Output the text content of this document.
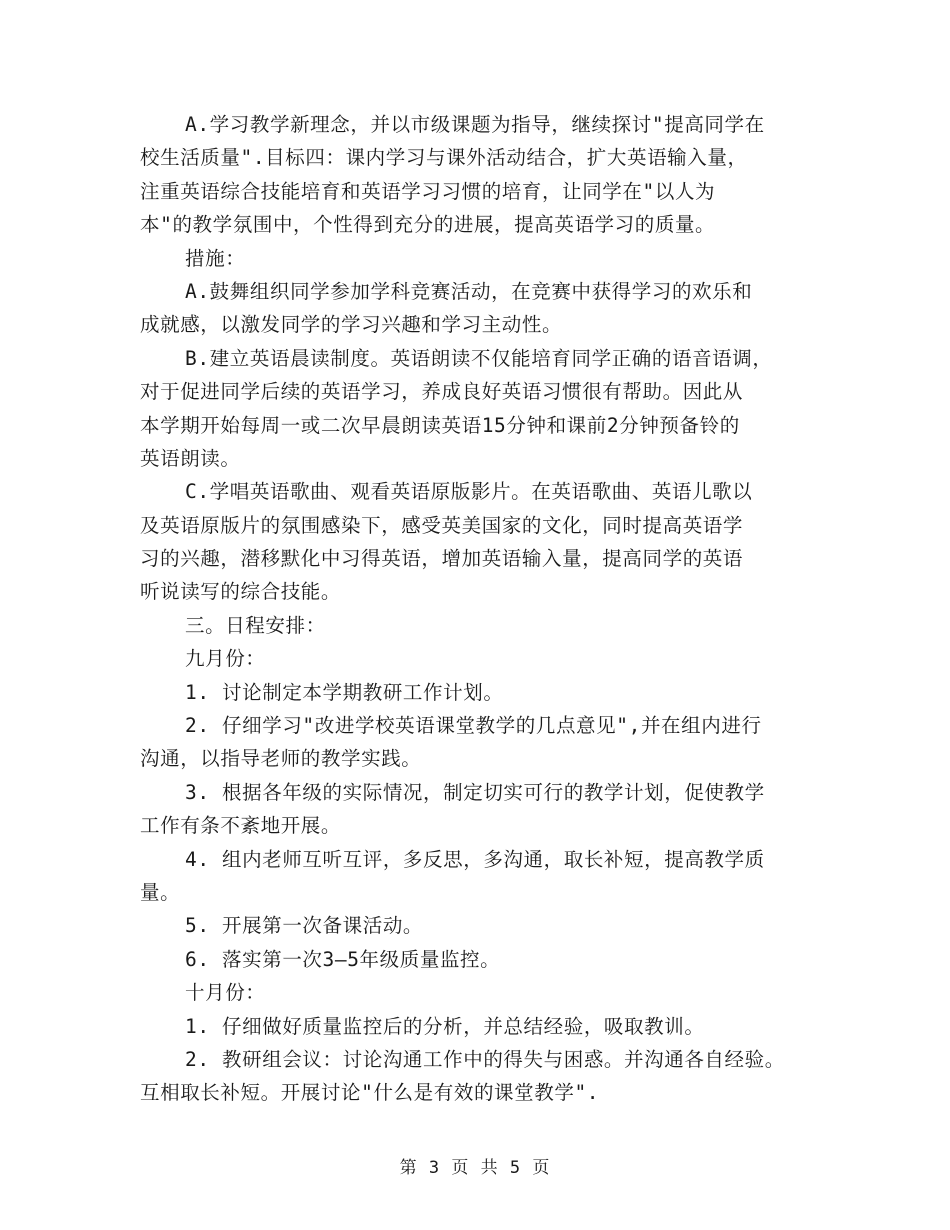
A.学习教学新理念，并以市级课题为指导，继续探讨"提高同学在
校生活质量".目标四：课内学习与课外活动结合，扩大英语输入量，
注重英语综合技能培育和英语学习习惯的培育，让同学在"以人为
本"的教学氛围中，个性得到充分的进展，提高英语学习的质量。
措施：
A.鼓舞组织同学参加学科竞赛活动，在竞赛中获得学习的欢乐和
成就感，以激发同学的学习兴趣和学习主动性。
B.建立英语晨读制度。英语朗读不仅能培育同学正确的语音语调，
对于促进同学后续的英语学习，养成良好英语习惯很有帮助。因此从
本学期开始每周一或二次早晨朗读英语15分钟和课前2分钟预备铃的
英语朗读。
C.学唱英语歌曲、观看英语原版影片。在英语歌曲、英语儿歌以
及英语原版片的氛围感染下，感受英美国家的文化，同时提高英语学
习的兴趣，潜移默化中习得英语，增加英语输入量，提高同学的英语
听说读写的综合技能。
三。日程安排：
九月份：
1. 讨论制定本学期教研工作计划。
2. 仔细学习"改进学校英语课堂教学的几点意见",并在组内进行
沟通，以指导老师的教学实践。
3. 根据各年级的实际情况，制定切实可行的教学计划，促使教学
工作有条不紊地开展。
4. 组内老师互听互评，多反思，多沟通，取长补短，提高教学质
量。
5. 开展第一次备课活动。
6. 落实第一次3—5年级质量监控。
十月份：
1. 仔细做好质量监控后的分析，并总结经验，吸取教训。
2. 教研组会议：讨论沟通工作中的得失与困惑。并沟通各自经验。
互相取长补短。开展讨论"什么是有效的课堂教学".
第 3 页 共 5 页
